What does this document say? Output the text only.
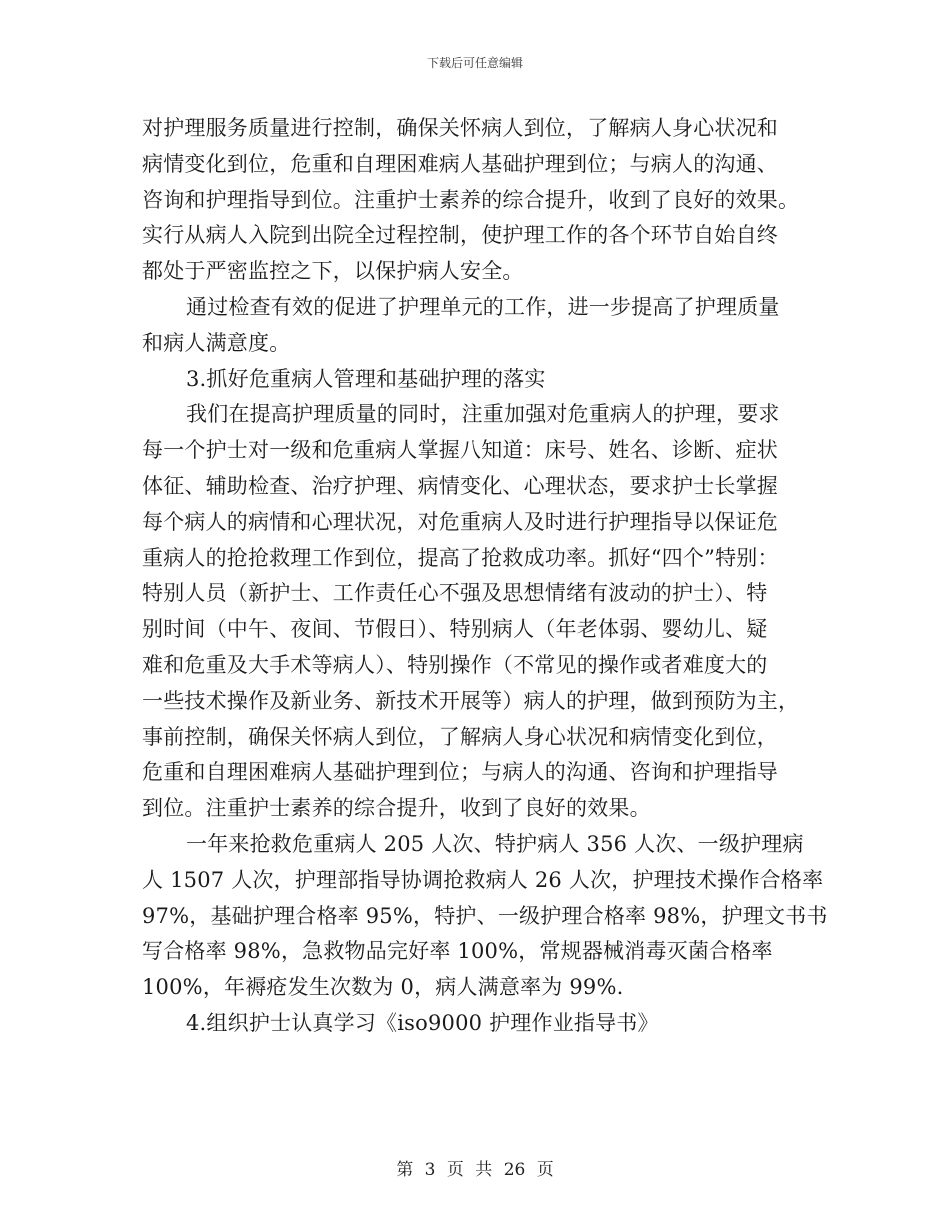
下载后可任意编辑
对护理服务质量进行控制，确保关怀病人到位，了解病人身心状况和
病情变化到位，危重和自理困难病人基础护理到位；与病人的沟通、
咨询和护理指导到位。注重护士素养的综合提升，收到了良好的效果。
实行从病人入院到出院全过程控制，使护理工作的各个环节自始自终
都处于严密监控之下，以保护病人安全。
通过检查有效的促进了护理单元的工作，进一步提高了护理质量
和病人满意度。
3.抓好危重病人管理和基础护理的落实
我们在提高护理质量的同时，注重加强对危重病人的护理，要求
每一个护士对一级和危重病人掌握八知道：床号、姓名、诊断、症状
体征、辅助检查、治疗护理、病情变化、心理状态，要求护士长掌握
每个病人的病情和心理状况，对危重病人及时进行护理指导以保证危
重病人的抢抢救理工作到位，提高了抢救成功率。抓好“四个”特别：
特别人员（新护士、工作责任心不强及思想情绪有波动的护士）、特
别时间（中午、夜间、节假日）、特别病人（年老体弱、婴幼儿、疑
难和危重及大手术等病人）、特别操作（不常见的操作或者难度大的
一些技术操作及新业务、新技术开展等）病人的护理，做到预防为主，
事前控制，确保关怀病人到位，了解病人身心状况和病情变化到位，
危重和自理困难病人基础护理到位；与病人的沟通、咨询和护理指导
到位。注重护士素养的综合提升，收到了良好的效果。
一年来抢救危重病人 205 人次、特护病人 356 人次、一级护理病
人 1507 人次，护理部指导协调抢救病人 26 人次，护理技术操作合格率
97%，基础护理合格率 95%，特护、一级护理合格率 98%，护理文书书
写合格率 98%，急救物品完好率 100%，常规器械消毒灭菌合格率
100%，年褥疮发生次数为 0，病人满意率为 99%.
4.组织护士认真学习《iso9000 护理作业指导书》
第 3 页 共 26 页
